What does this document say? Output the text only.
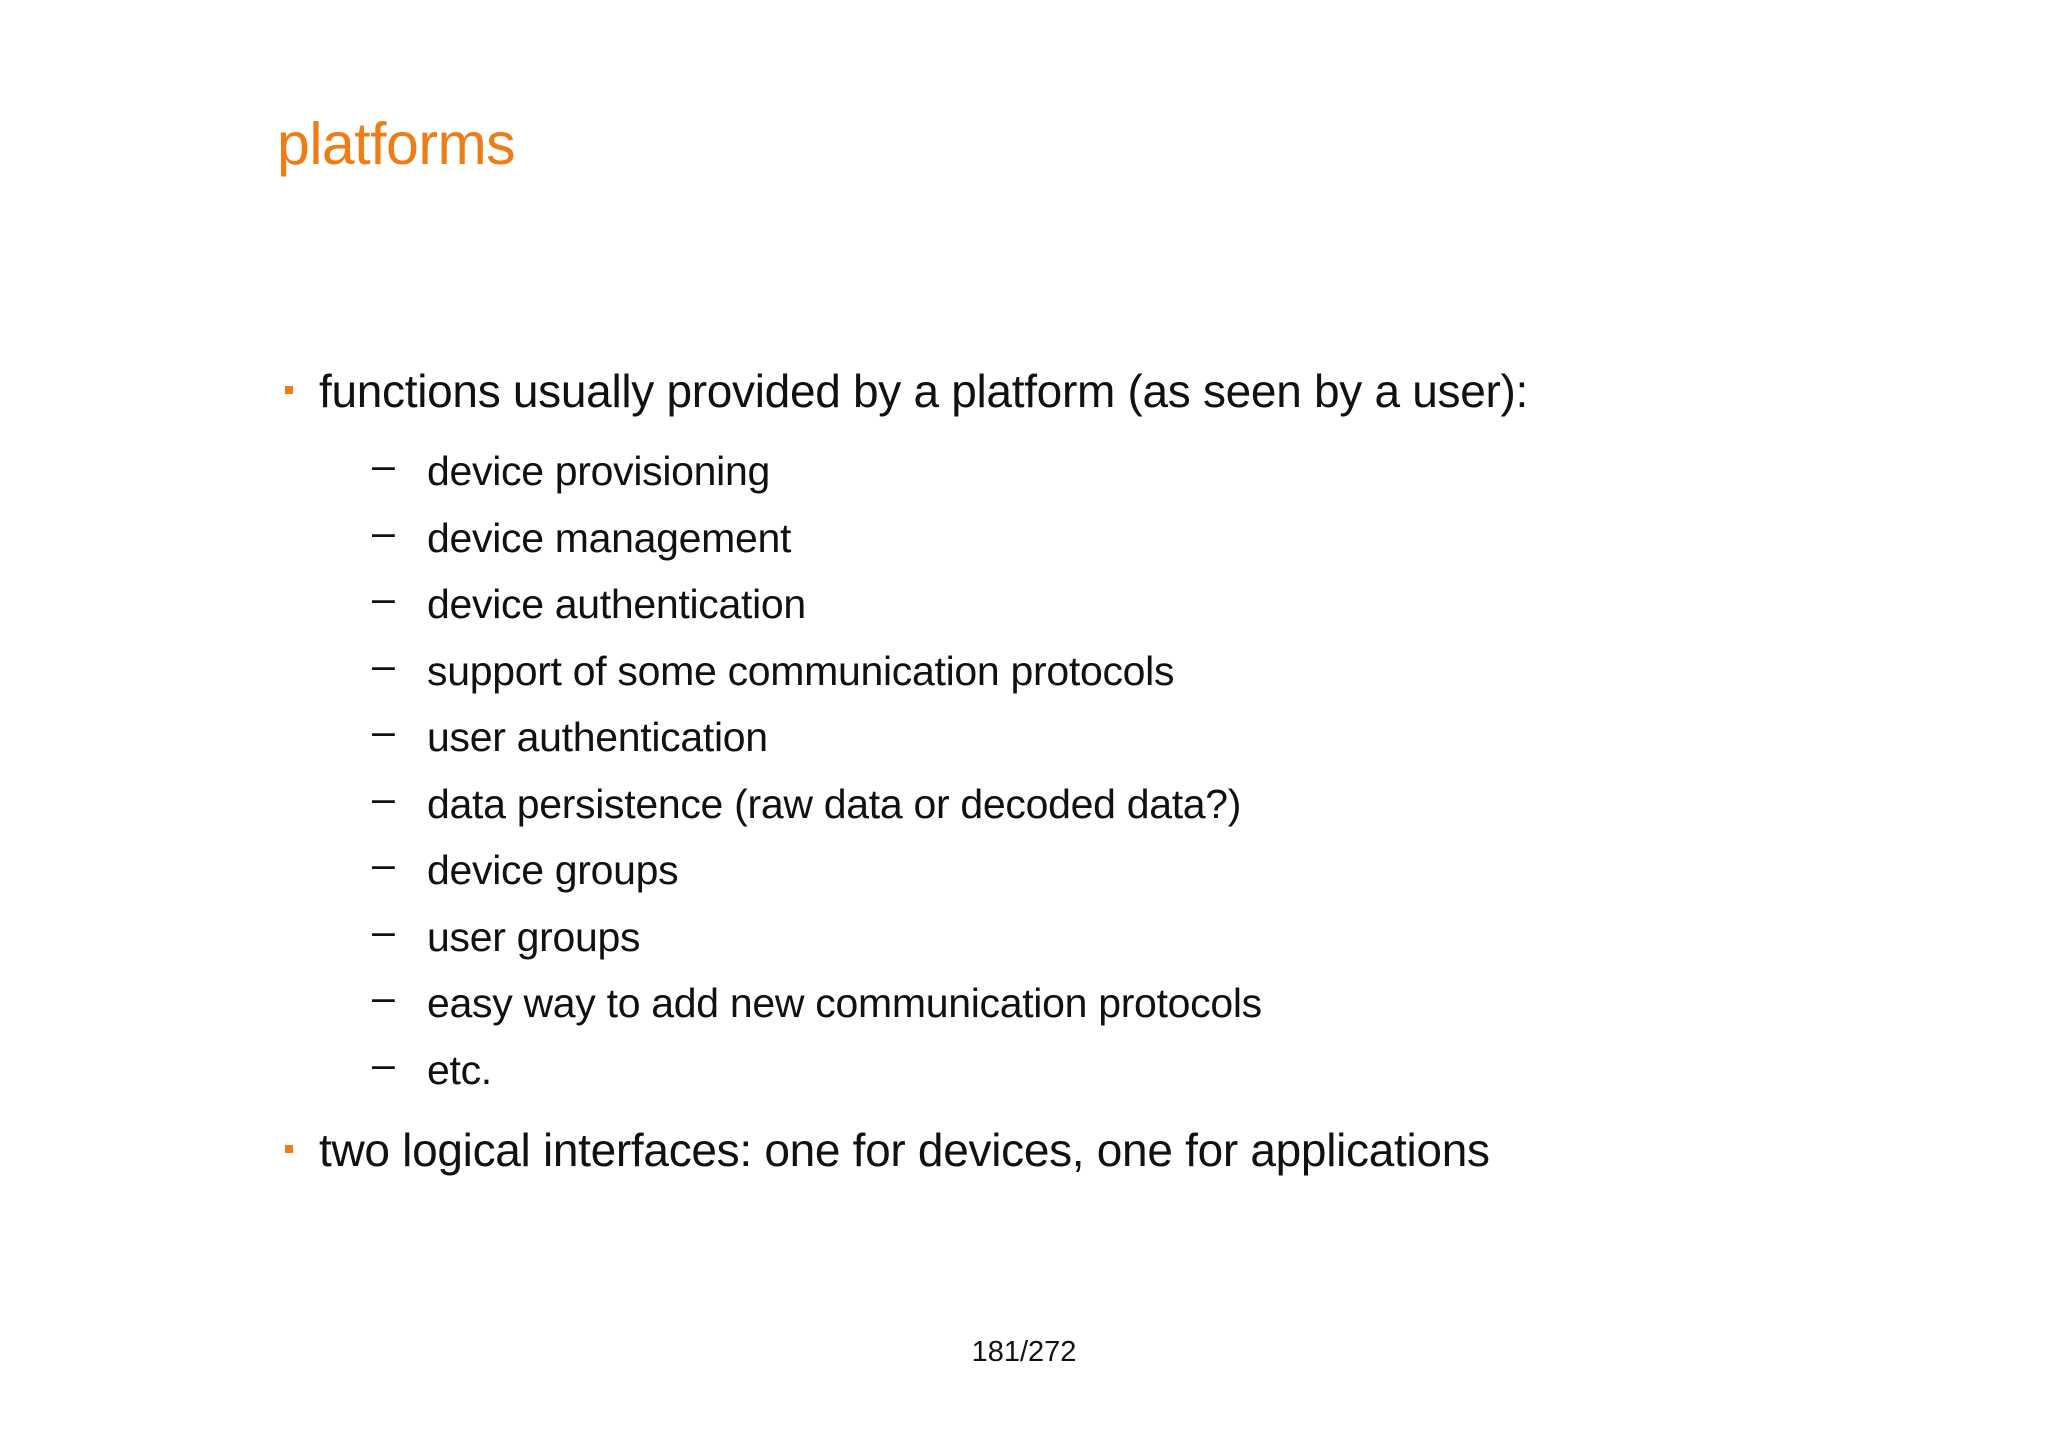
platforms
functions usually provided by a platform (as seen by a user):
– device provisioning
– device management
– device authentication
– support of some communication protocols
– user authentication
– data persistence (raw data or decoded data?)
– device groups
– user groups
– easy way to add new communication protocols
– etc.
two logical interfaces: one for devices, one for applications
181/272
